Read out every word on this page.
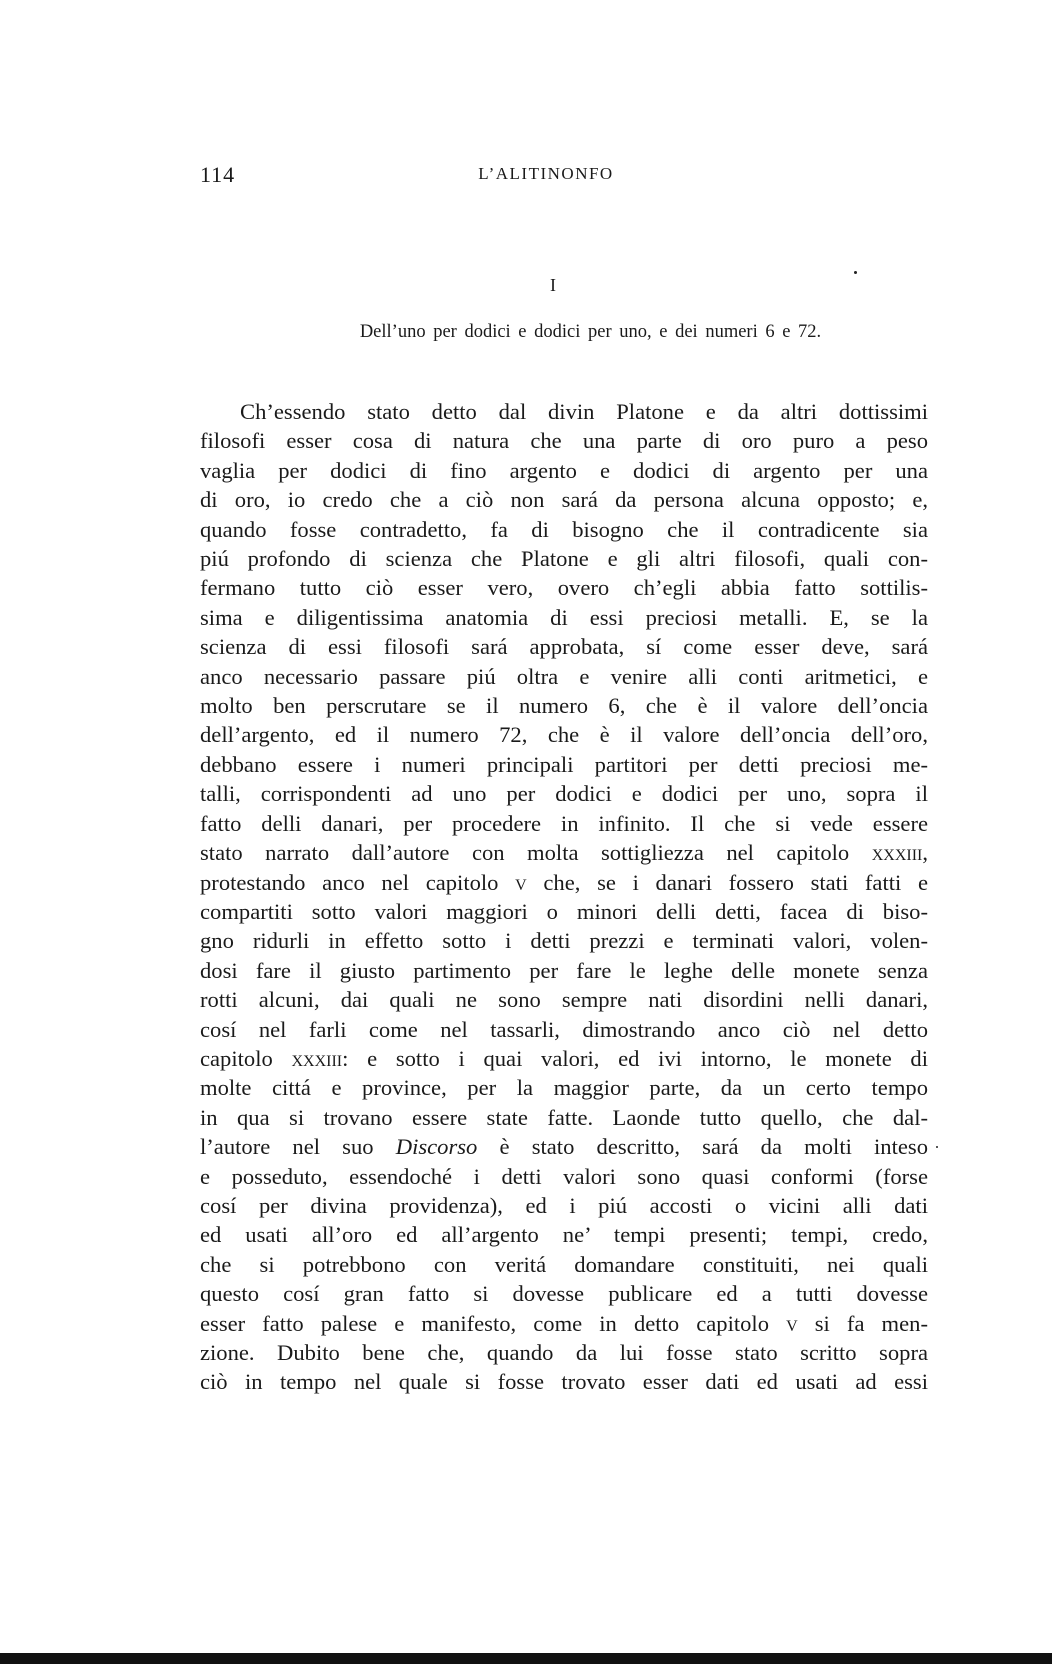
114	L’ALITINONFO
I
Dell’uno per dodici e dodici per uno, e dei numeri 6 e 72.
Ch’essendo stato detto dal divin Platone e da altri dottissimi
filosofi esser cosa di natura che una parte di oro puro a peso
vaglia per dodici di fino argento e dodici di argento per una
di oro, io credo che a ciò non sará da persona alcuna opposto; e,
quando fosse contradetto, fa di bisogno che il contradicente sia
piú profondo di scienza che Platone e gli altri filosofi, quali con-
fermano tutto ciò esser vero, overo ch’egli abbia fatto sottilis-
sima e diligentissima anatomia di essi preciosi metalli. E, se la
scienza di essi filosofi sará approbata, sí come esser deve, sará
anco necessario passare piú oltra e venire alli conti aritmetici, e
molto ben perscrutare se il numero 6, che è il valore dell’oncia
dell’argento, ed il numero 72, che è il valore dell’oncia dell’oro,
debbano essere i numeri principali partitori per detti preciosi me-
talli, corrispondenti ad uno per dodici e dodici per uno, sopra il
fatto delli danari, per procedere in infinito. Il che si vede essere
stato narrato dall’autore con molta sottigliezza nel capitolo xxxiii,
protestando anco nel capitolo v che, se i danari fossero stati fatti e
compartiti sotto valori maggiori o minori delli detti, facea di biso-
gno ridurli in effetto sotto i detti prezzi e terminati valori, volen-
dosi fare il giusto partimento per fare le leghe delle monete senza
rotti alcuni, dai quali ne sono sempre nati disordini nelli danari,
cosí nel farli come nel tassarli, dimostrando anco ciò nel detto
capitolo xxxiii: e sotto i quai valori, ed ivi intorno, le monete di
molte cittá e province, per la maggior parte, da un certo tempo
in qua si trovano essere state fatte. Laonde tutto quello, che dal-
l’autore nel suo Discorso è stato descritto, sará da molti inteso
e posseduto, essendoché i detti valori sono quasi conformi (forse
cosí per divina providenza), ed i piú accosti o vicini alli dati
ed usati all’oro ed all’argento ne’ tempi presenti; tempi, credo,
che si potrebbono con veritá domandare constituiti, nei quali
questo cosí gran fatto si dovesse publicare ed a tutti dovesse
esser fatto palese e manifesto, come in detto capitolo v si fa men-
zione. Dubito bene che, quando da lui fosse stato scritto sopra
ciò in tempo nel quale si fosse trovato esser dati ed usati ad essi
